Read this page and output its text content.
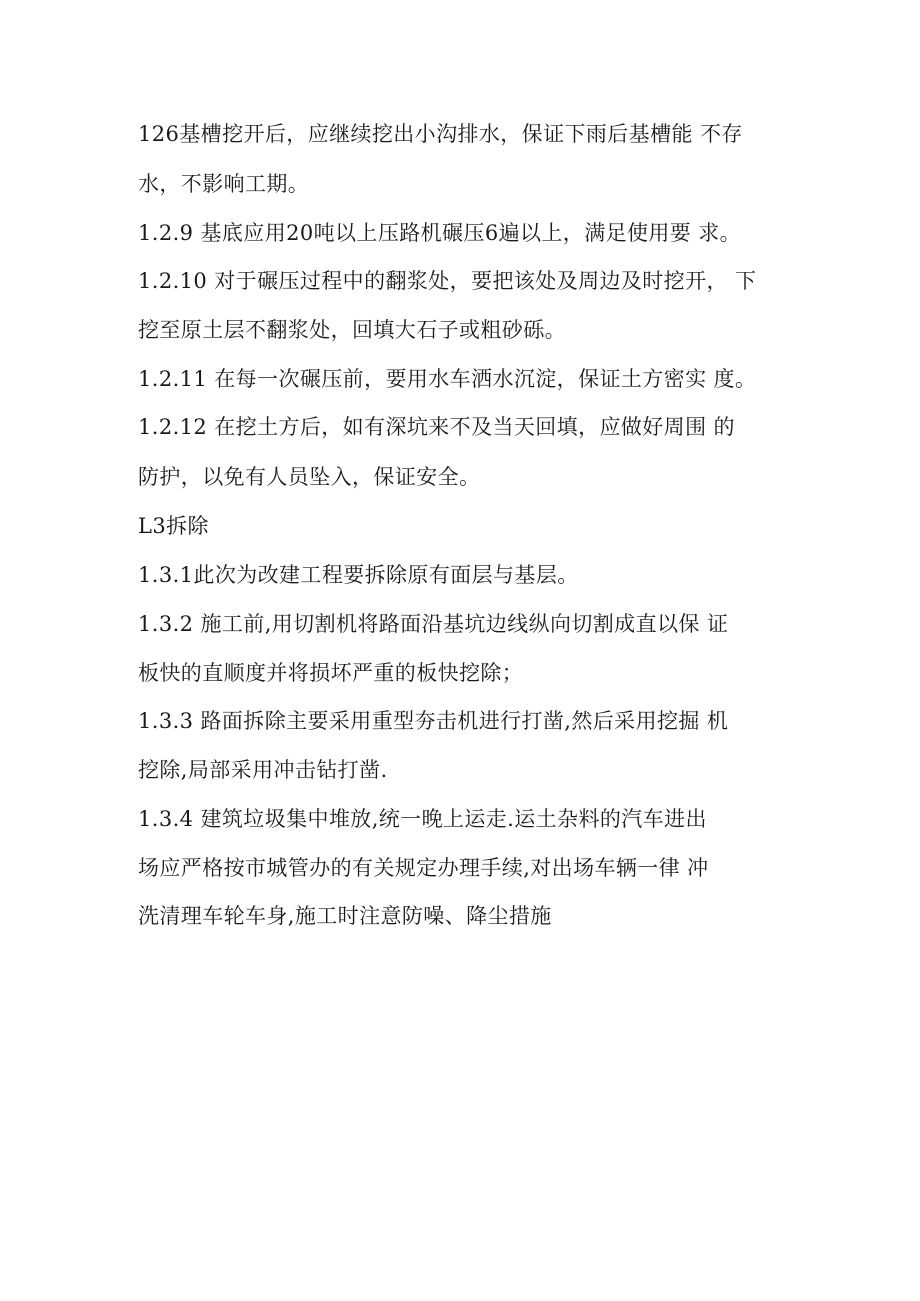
126基槽挖开后，应继续挖出小沟排水，保证下雨后基槽能 不存
水，不影响工期。
1.2.9 基底应用20吨以上压路机碾压6遍以上，满足使用要 求。
1.2.10 对于碾压过程中的翻浆处，要把该处及周边及时挖开， 下
挖至原土层不翻浆处，回填大石子或粗砂砾。
1.2.11 在每一次碾压前，要用水车洒水沉淀，保证土方密实 度。
1.2.12 在挖土方后，如有深坑来不及当天回填，应做好周围 的
防护，以免有人员坠入，保证安全。
L3拆除
1.3.1此次为改建工程要拆除原有面层与基层。
1.3.2 施工前,用切割机将路面沿基坑边线纵向切割成直以保 证
板快的直顺度并将损坏严重的板快挖除；
1.3.3 路面拆除主要采用重型夯击机进行打凿,然后采用挖掘 机
挖除,局部采用冲击钻打凿.
1.3.4 建筑垃圾集中堆放,统一晚上运走.运土杂料的汽车进出
场应严格按市城管办的有关规定办理手续,对出场车辆一律 冲
洗清理车轮车身,施工时注意防噪、降尘措施
